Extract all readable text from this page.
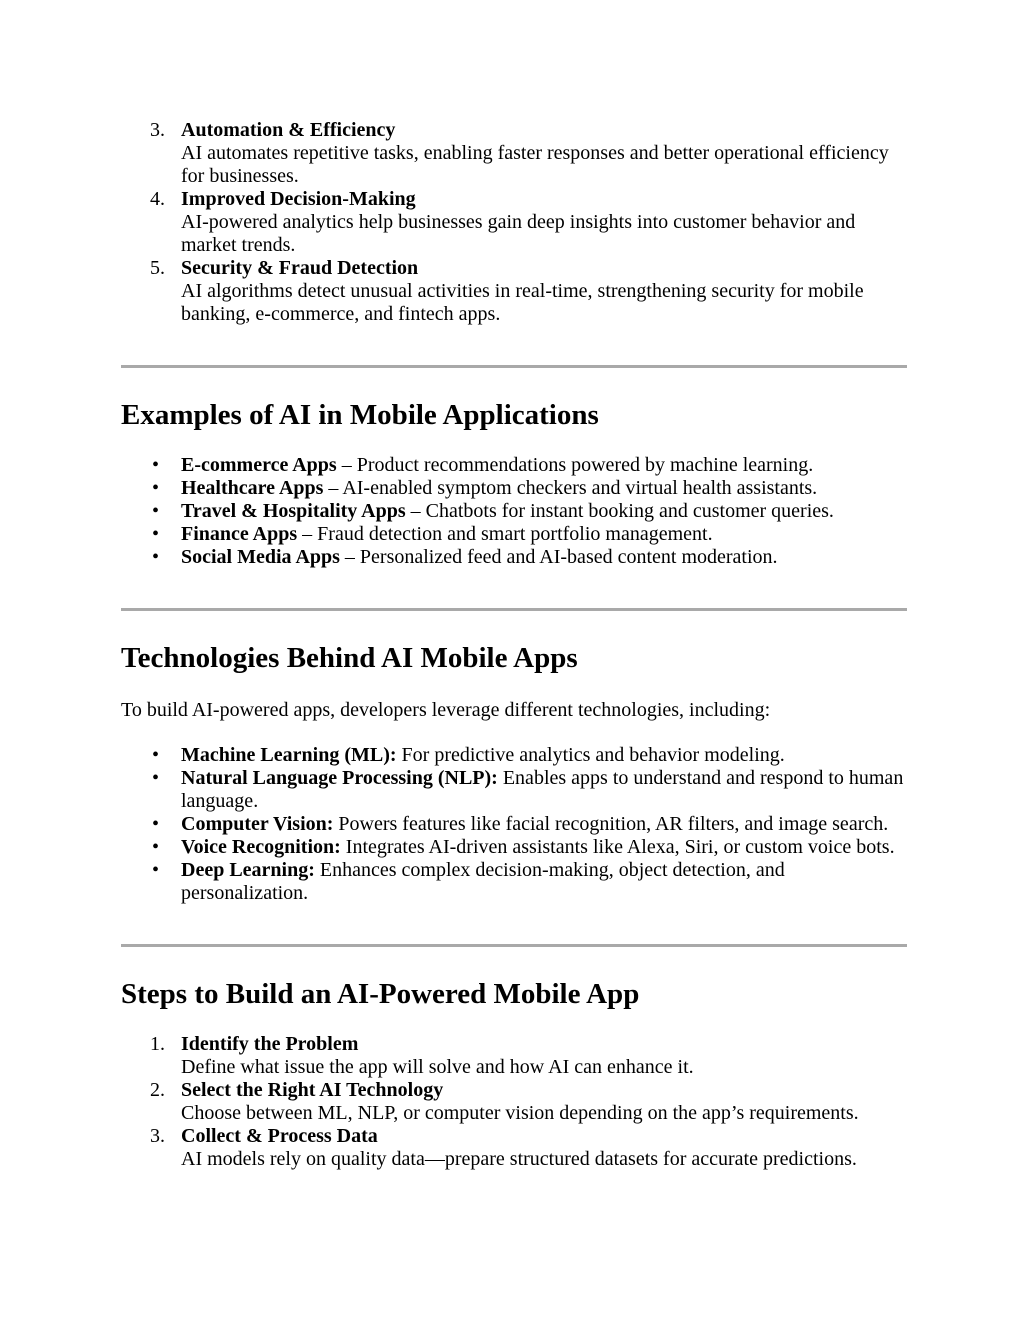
3. Automation & Efficiency
AI automates repetitive tasks, enabling faster responses and better operational efficiency for businesses.
4. Improved Decision-Making
AI-powered analytics help businesses gain deep insights into customer behavior and market trends.
5. Security & Fraud Detection
AI algorithms detect unusual activities in real-time, strengthening security for mobile banking, e-commerce, and fintech apps.
Examples of AI in Mobile Applications
• E-commerce Apps – Product recommendations powered by machine learning.
• Healthcare Apps – AI-enabled symptom checkers and virtual health assistants.
• Travel & Hospitality Apps – Chatbots for instant booking and customer queries.
• Finance Apps – Fraud detection and smart portfolio management.
• Social Media Apps – Personalized feed and AI-based content moderation.
Technologies Behind AI Mobile Apps

To build AI-powered apps, developers leverage different technologies, including:

• Machine Learning (ML): For predictive analytics and behavior modeling.
• Natural Language Processing (NLP): Enables apps to understand and respond to human language.
• Computer Vision: Powers features like facial recognition, AR filters, and image search.
• Voice Recognition: Integrates AI-driven assistants like Alexa, Siri, or custom voice bots.
• Deep Learning: Enhances complex decision-making, object detection, and personalization.
Steps to Build an AI-Powered Mobile App
1. Identify the Problem
Define what issue the app will solve and how AI can enhance it.
2. Select the Right AI Technology
Choose between ML, NLP, or computer vision depending on the app’s requirements.
3. Collect & Process Data
AI models rely on quality data—prepare structured datasets for accurate predictions.
